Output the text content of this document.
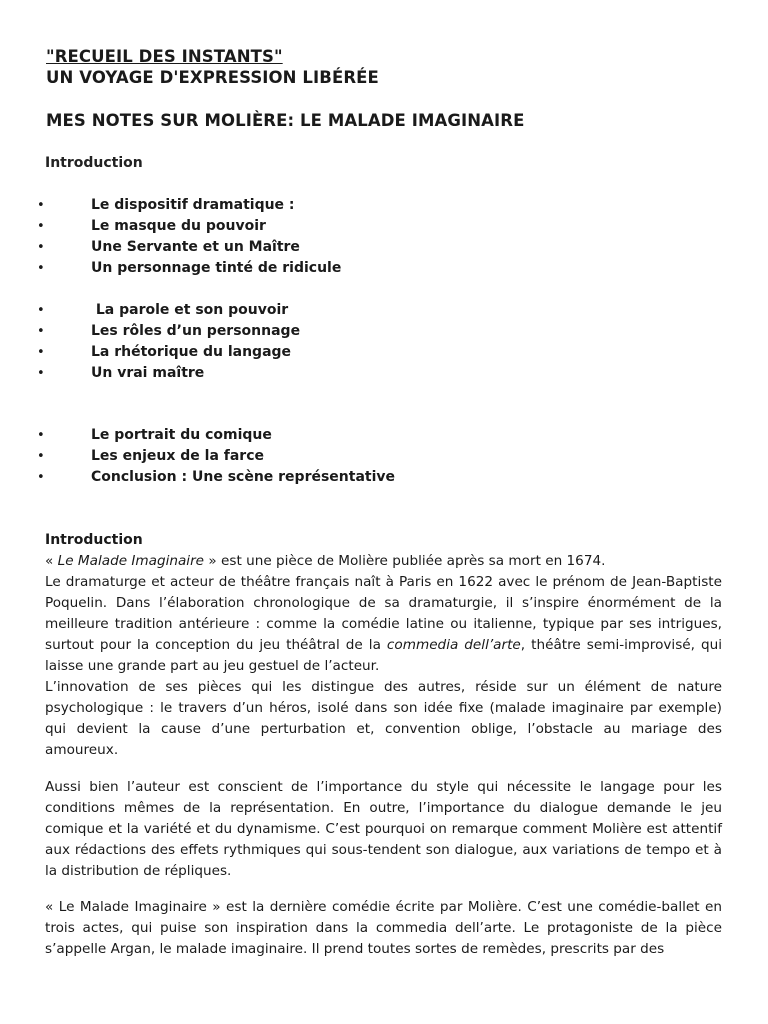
"RECUEIL DES INSTANTS"
UN VOYAGE D'EXPRESSION LIBÉRÉE
MES NOTES SUR MOLIÈRE: LE MALADE IMAGINAIRE
Introduction
•	Le dispositif dramatique :
•	Le masque du pouvoir
•	Une Servante et un Maître
•	Un personnage tinté de ridicule
•	La parole et son pouvoir
•	Les rôles d’un personnage
•	La rhétorique du langage
•	Un vrai maître
•	Le portrait du comique
•	Les enjeux de la farce
•	Conclusion : Une scène représentative

Introduction

« Le Malade Imaginaire » est une pièce de Molière publiée après sa mort en 1674.

Le dramaturge et acteur de théâtre français naît à Paris en 1622 avec le prénom de Jean-Baptiste Poquelin. Dans l’élaboration chronologique de sa dramaturgie, il s’inspire énormément de la meilleure tradition antérieure : comme la comédie latine ou italienne, typique par ses intrigues, surtout pour la conception du jeu théâtral de la commedia dell’arte, théâtre semi-improvisé, qui laisse une grande part au jeu gestuel de l’acteur.

L’innovation de ses pièces qui les distingue des autres, réside sur un élément de nature psychologique : le travers d’un héros, isolé dans son idée fixe (malade imaginaire par exemple) qui devient la cause d’une perturbation et, convention oblige, l’obstacle au mariage des amoureux.

Aussi bien l’auteur est conscient de l’importance du style qui nécessite le langage pour les conditions mêmes de la représentation. En outre, l’importance du dialogue demande le jeu comique et la variété et du dynamisme. C’est pourquoi on remarque comment Molière est attentif aux rédactions des effets rythmiques qui sous-tendent son dialogue, aux variations de tempo et à la distribution de répliques.

« Le Malade Imaginaire » est la dernière comédie écrite par Molière. C’est une comédie-ballet en trois actes, qui puise son inspiration dans la commedia dell’arte. Le protagoniste de la pièce s’appelle Argan, le malade imaginaire. Il prend toutes sortes de remèdes, prescrits par des
